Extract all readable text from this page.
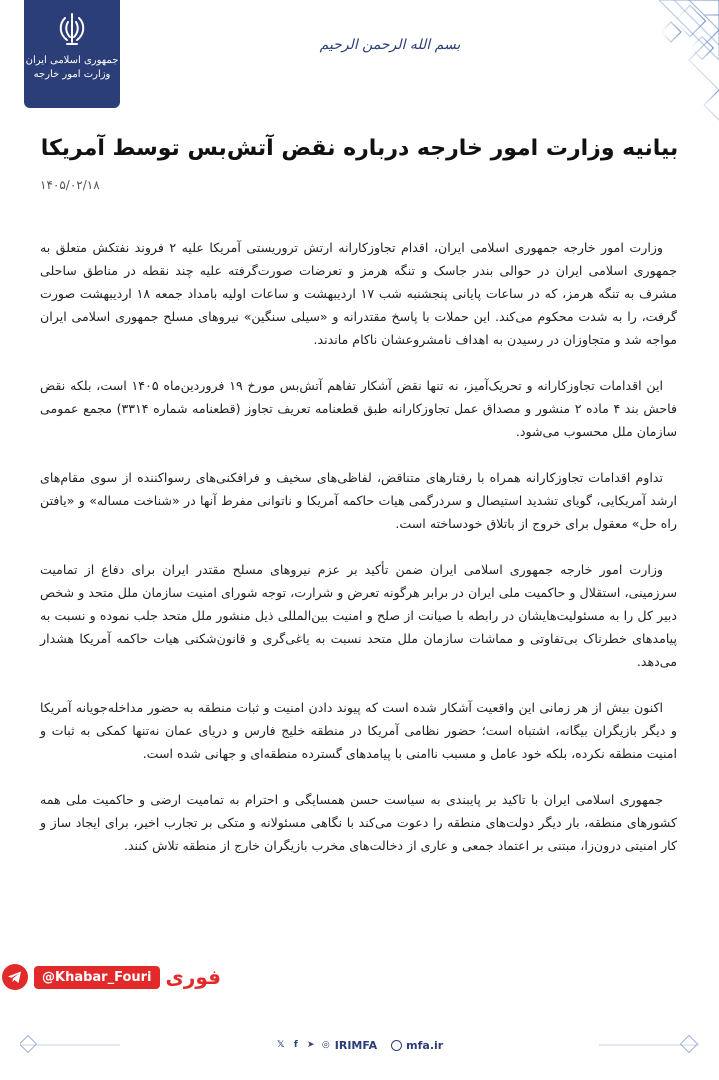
جمهوری اسلامی ایران
وزارت امور خارجه
بسم الله الرحمن الرحیم
بیانیه وزارت امور خارجه درباره نقض آتش‌بس توسط آمریکا
۱۴۰۵/۰۲/۱۸

وزارت امور خارجه جمهوری اسلامی ایران، اقدام تجاوزکارانه ارتش تروریستی آمریکا علیه ۲ فروند نفتکش متعلق به جمهوری اسلامی ایران در حوالی بندر جاسک و تنگه هرمز و تعرضات صورت‌گرفته علیه چند نقطه در مناطق ساحلی مشرف به تنگه هرمز، که در ساعات پایانی پنجشنبه شب ۱۷ اردیبهشت و ساعات اولیه بامداد جمعه ۱۸ اردیبهشت صورت گرفت، را به شدت محکوم می‌کند. این حملات با پاسخ مقتدرانه و «سیلی سنگین» نیروهای مسلح جمهوری اسلامی ایران مواجه شد و متجاوزان در رسیدن به اهداف نامشروعشان ناکام ماندند.

این اقدامات تجاوزکارانه و تحریک‌آمیز، نه تنها نقض آشکار تفاهم آتش‌بس مورخ ۱۹ فروردین‌ماه ۱۴۰۵ است، بلکه نقض فاحش بند ۴ ماده ۲ منشور و مصداق عمل تجاوزکارانه طبق قطعنامه تعریف تجاوز (قطعنامه شماره ۳۳۱۴) مجمع عمومی سازمان ملل محسوب می‌شود.

تداوم اقدامات تجاوزکارانه همراه با رفتارهای متناقض، لفاظی‌های سخیف و فرافکنی‌های رسواکننده از سوی مقام‌های ارشد آمریکایی، گویای تشدید استیصال و سردرگمی هیات حاکمه آمریکا و ناتوانی مفرط آنها در «شناخت مساله» و «یافتن راه حل» معقول برای خروج از باتلاق خودساخته است.

وزارت امور خارجه جمهوری اسلامی ایران ضمن تأکید بر عزم نیروهای مسلح مقتدر ایران برای دفاع از تمامیت سرزمینی، استقلال و حاکمیت ملی ایران در برابر هرگونه تعرض و شرارت، توجه شورای امنیت سازمان ملل متحد و شخص دبیر کل را به مسئولیت‌هایشان در رابطه با صیانت از صلح و امنیت بین‌المللی ذیل منشور ملل متحد جلب نموده و نسبت به پیامدهای خطرناک بی‌تفاوتی و مماشات سازمان ملل متحد نسبت به یاغی‌گری و قانون‌شکنی هیات حاکمه آمریکا هشدار می‌دهد.

اکنون بیش از هر زمانی این واقعیت آشکار شده است که پیوند دادن امنیت و ثبات منطقه به حضور مداخله‌جویانه آمریکا و دیگر بازیگران بیگانه، اشتباه است؛ حضور نظامی آمریکا در منطقه خلیج فارس و دریای عمان نه‌تنها کمکی به ثبات و امنیت منطقه نکرده، بلکه خود عامل و مسبب ناامنی با پیامدهای گسترده منطقه‌ای و جهانی شده است.

جمهوری اسلامی ایران با تاکید بر پایبندی به سیاست حسن همسایگی و احترام به تمامیت ارضی و حاکمیت ملی همه کشورهای منطقه، بار دیگر دولت‌های منطقه را دعوت می‌کند با نگاهی مسئولانه و متکی بر تجارب اخیر، برای ایجاد ساز و کار امنیتی درون‌زا، مبتنی بر اعتماد جمعی و عاری از دخالت‌های مخرب بازیگران خارج از منطقه تلاش کنند.

@Khabar_Fouri فوری
𝕏	f	➤ ◎ IRIMFA	mfa.ir
